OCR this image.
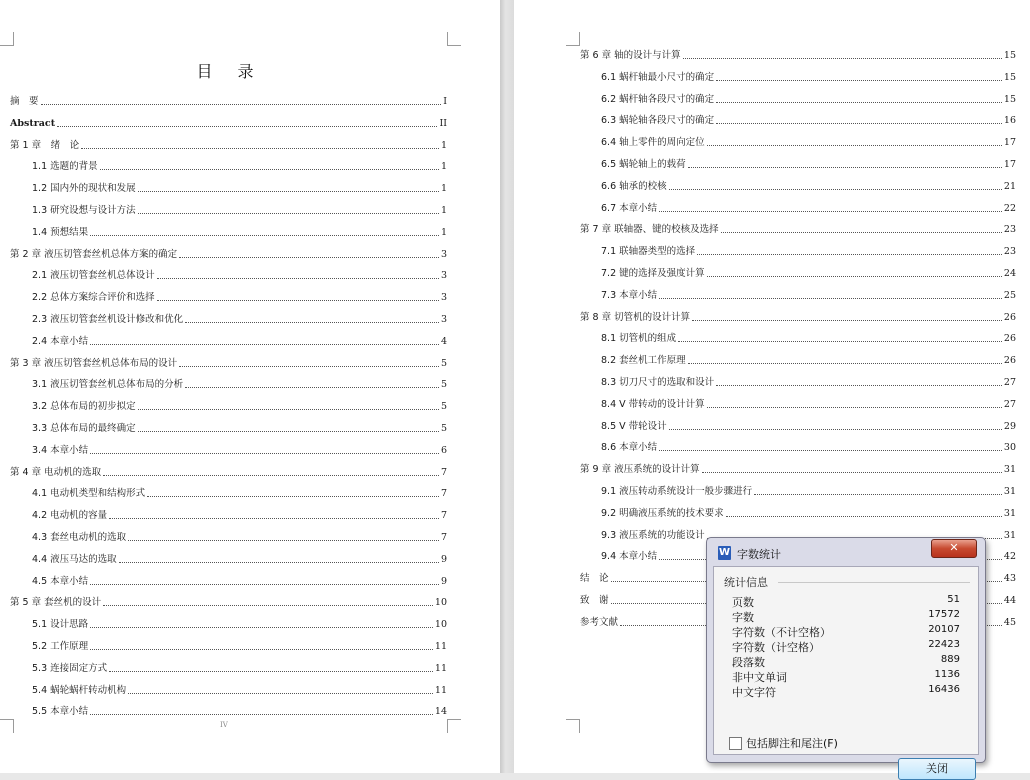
目 录
摘　要	I
Abstract	II
第 1 章　绪　论	1
1.1 选题的背景	1
1.2 国内外的现状和发展	1
1.3 研究设想与设计方法	1
1.4 预想结果	1
第 2 章 液压切管套丝机总体方案的确定	3
2.1 液压切管套丝机总体设计	3
2.2 总体方案综合评价和选择	3
2.3 液压切管套丝机设计修改和优化	3
2.4 本章小结	4
第 3 章 液压切管套丝机总体布局的设计	5
3.1 液压切管套丝机总体布局的分析	5
3.2 总体布局的初步拟定	5
3.3 总体布局的最终确定	5
3.4 本章小结	6
第 4 章 电动机的选取	7
4.1 电动机类型和结构形式	7
4.2 电动机的容量	7
4.3 套丝电动机的选取	7
4.4 液压马达的选取	9
4.5 本章小结	9
第 5 章 套丝机的设计	10
5.1 设计思路	10
5.2 工作原理	11
5.3 连接固定方式	11
5.4 蜗轮蜗杆转动机构	11
5.5 本章小结	14
IV
第 6 章 轴的设计与计算	15
6.1 蜗杆轴最小尺寸的确定	15
6.2 蜗杆轴各段尺寸的确定	15
6.3 蜗轮轴各段尺寸的确定	16
6.4 轴上零件的周向定位	17
6.5 蜗轮轴上的载荷	17
6.6 轴承的校核	21
6.7 本章小结	22
第 7 章 联轴器、键的校核及选择	23
7.1 联轴器类型的选择	23
7.2 键的选择及强度计算	24
7.3 本章小结	25
第 8 章 切管机的设计计算	26
8.1 切管机的组成	26
8.2 套丝机工作原理	26
8.3 切刀尺寸的选取和设计	27
8.4 V 带转动的设计计算	27
8.5 V 带轮设计	29
8.6 本章小结	30
第 9 章 液压系统的设计计算	31
9.1 液压转动系统设计一般步骤进行	31
9.2 明确液压系统的技术要求	31
9.3 液压系统的功能设计	31
9.4 本章小结	42
结　论	43
致　谢	44
参考文献	45
W 字数统计
✕
统计信息
页数	51
字数	17572
字符数（不计空格）	20107
字符数（计空格）	22423
段落数	889
非中文单词	1136
中文字符	16436
包括脚注和尾注(F)
关闭
